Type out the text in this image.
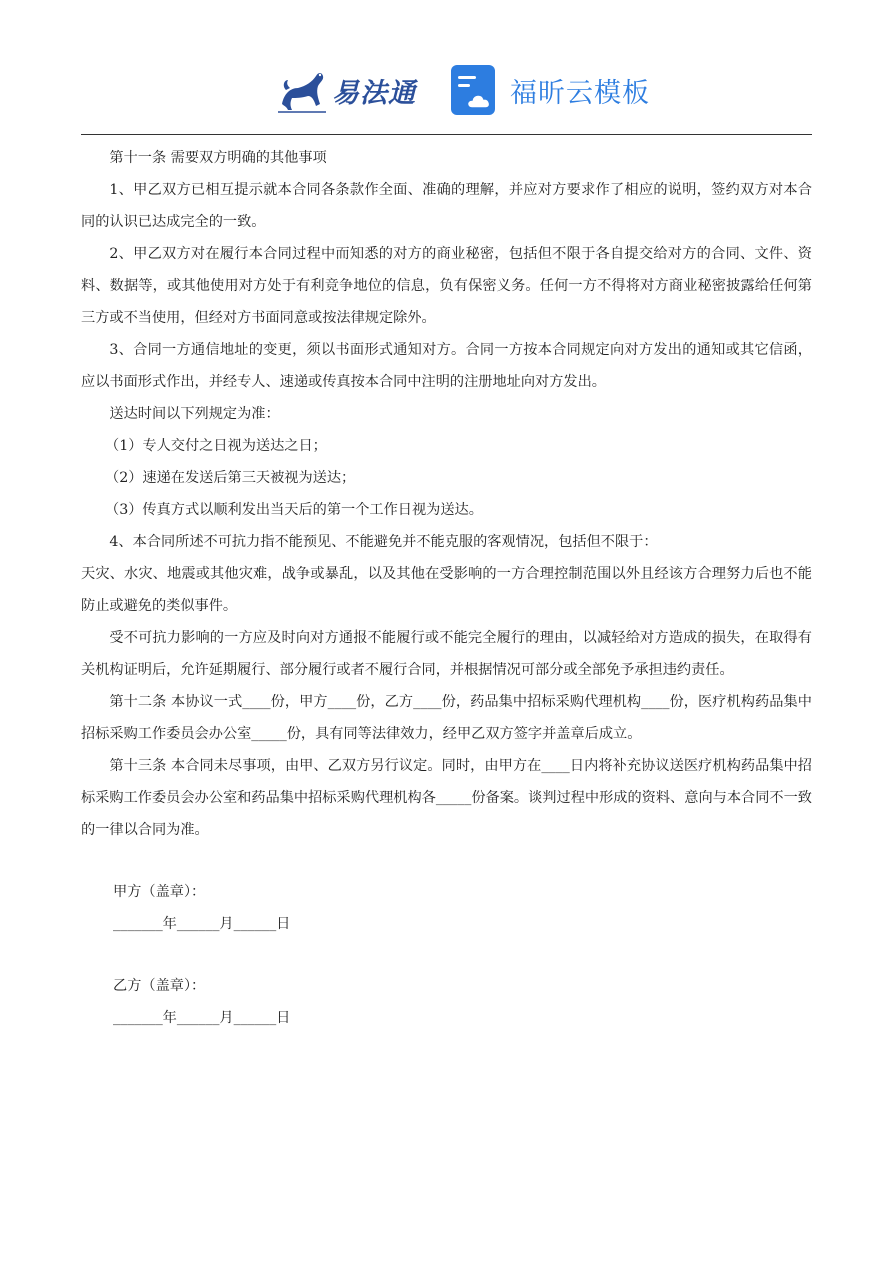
易法通	福昕云模板

第十一条 需要双方明确的其他事项

1、甲乙双方已相互提示就本合同各条款作全面、准确的理解，并应对方要求作了相应的说明，签约双方对本合同的认识已达成完全的一致。

2、甲乙双方对在履行本合同过程中而知悉的对方的商业秘密，包括但不限于各自提交给对方的合同、文件、资料、数据等，或其他使用对方处于有利竞争地位的信息，负有保密义务。任何一方不得将对方商业秘密披露给任何第三方或不当使用，但经对方书面同意或按法律规定除外。

3、合同一方通信地址的变更，须以书面形式通知对方。合同一方按本合同规定向对方发出的通知或其它信函，应以书面形式作出，并经专人、速递或传真按本合同中注明的注册地址向对方发出。

送达时间以下列规定为准：

（1）专人交付之日视为送达之日；

（2）速递在发送后第三天被视为送达；

（3）传真方式以顺利发出当天后的第一个工作日视为送达。

4、本合同所述不可抗力指不能预见、不能避免并不能克服的客观情况，包括但不限于：

天灾、水灾、地震或其他灾难，战争或暴乱，以及其他在受影响的一方合理控制范围以外且经该方合理努力后也不能防止或避免的类似事件。

受不可抗力影响的一方应及时向对方通报不能履行或不能完全履行的理由，以减轻给对方造成的损失，在取得有关机构证明后，允许延期履行、部分履行或者不履行合同，并根据情况可部分或全部免予承担违约责任。

第十二条 本协议一式____份，甲方____份，乙方____份，药品集中招标采购代理机构____份，医疗机构药品集中招标采购工作委员会办公室_____份，具有同等法律效力，经甲乙双方签字并盖章后成立。

第十三条 本合同未尽事项，由甲、乙双方另行议定。同时，由甲方在____日内将补充协议送医疗机构药品集中招标采购工作委员会办公室和药品集中招标采购代理机构各_____份备案。谈判过程中形成的资料、意向与本合同不一致的一律以合同为准。

甲方（盖章）：

_______年______月______日

乙方（盖章）：

_______年______月______日
